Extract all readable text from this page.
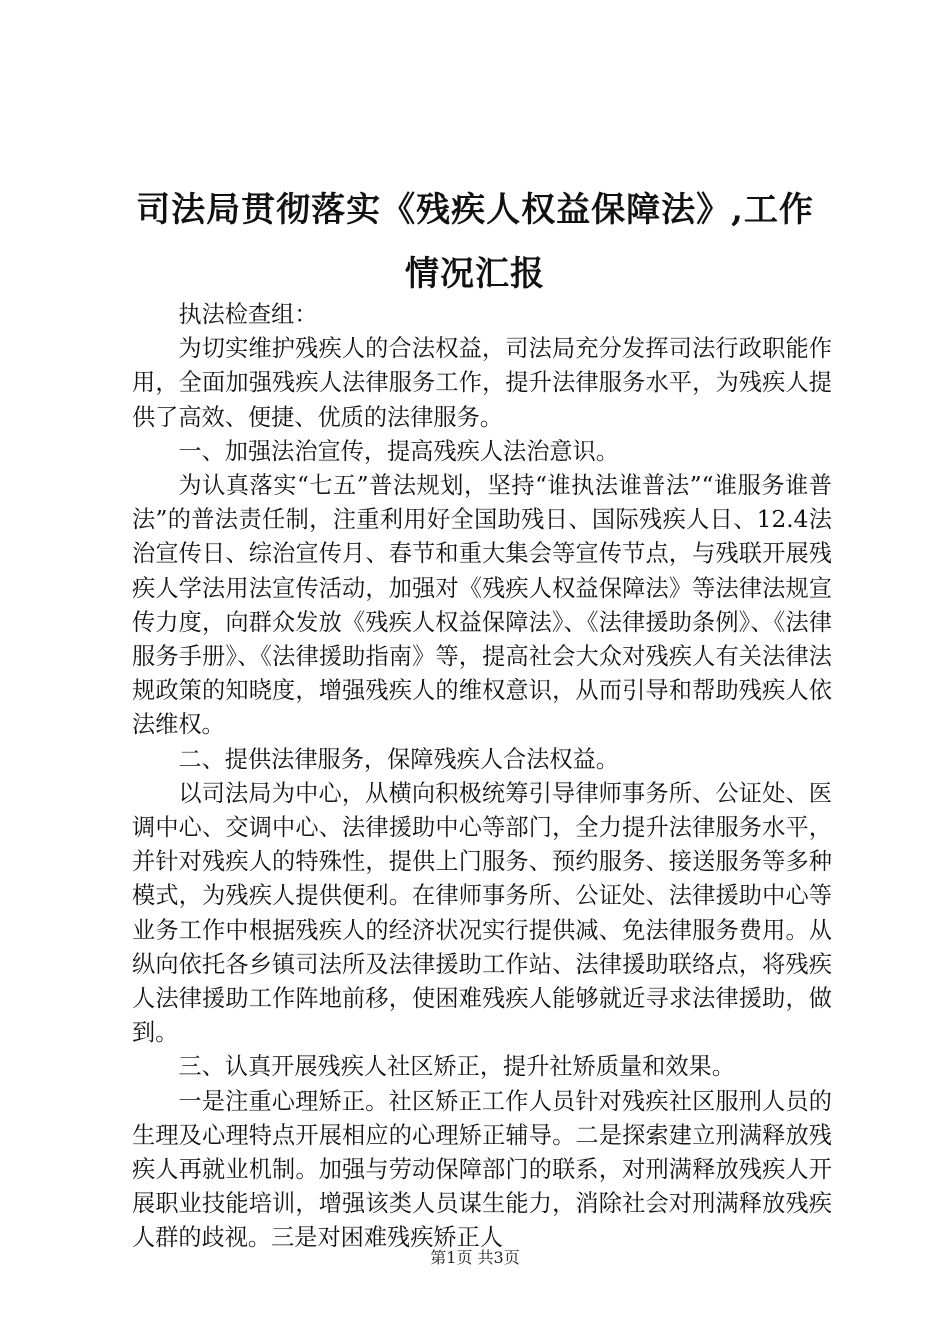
司法局贯彻落实《残疾人权益保障法》,工作
情况汇报

执法检查组：

为切实维护残疾人的合法权益，司法局充分发挥司法行政职能作用，全面加强残疾人法律服务工作，提升法律服务水平，为残疾人提供了高效、便捷、优质的法律服务。

一、加强法治宣传，提高残疾人法治意识。

为认真落实“七五”普法规划，坚持“谁执法谁普法”“谁服务谁普法”的普法责任制，注重利用好全国助残日、国际残疾人日、12.4法治宣传日、综治宣传月、春节和重大集会等宣传节点，与残联开展残疾人学法用法宣传活动，加强对《残疾人权益保障法》等法律法规宣传力度，向群众发放《残疾人权益保障法》、《法律援助条例》、《法律服务手册》、《法律援助指南》等，提高社会大众对残疾人有关法律法规政策的知晓度，增强残疾人的维权意识，从而引导和帮助残疾人依法维权。

二、提供法律服务，保障残疾人合法权益。

以司法局为中心，从横向积极统筹引导律师事务所、公证处、医调中心、交调中心、法律援助中心等部门，全力提升法律服务水平，并针对残疾人的特殊性，提供上门服务、预约服务、接送服务等多种模式，为残疾人提供便利。在律师事务所、公证处、法律援助中心等业务工作中根据残疾人的经济状况实行提供减、免法律服务费用。从纵向依托各乡镇司法所及法律援助工作站、法律援助联络点，将残疾人法律援助工作阵地前移，使困难残疾人能够就近寻求法律援助，做到。

三、认真开展残疾人社区矫正，提升社矫质量和效果。

一是注重心理矫正。社区矫正工作人员针对残疾社区服刑人员的生理及心理特点开展相应的心理矫正辅导。二是探索建立刑满释放残疾人再就业机制。加强与劳动保障部门的联系，对刑满释放残疾人开展职业技能培训，增强该类人员谋生能力，消除社会对刑满释放残疾人群的歧视。三是对困难残疾矫正人

第1页 共3页
